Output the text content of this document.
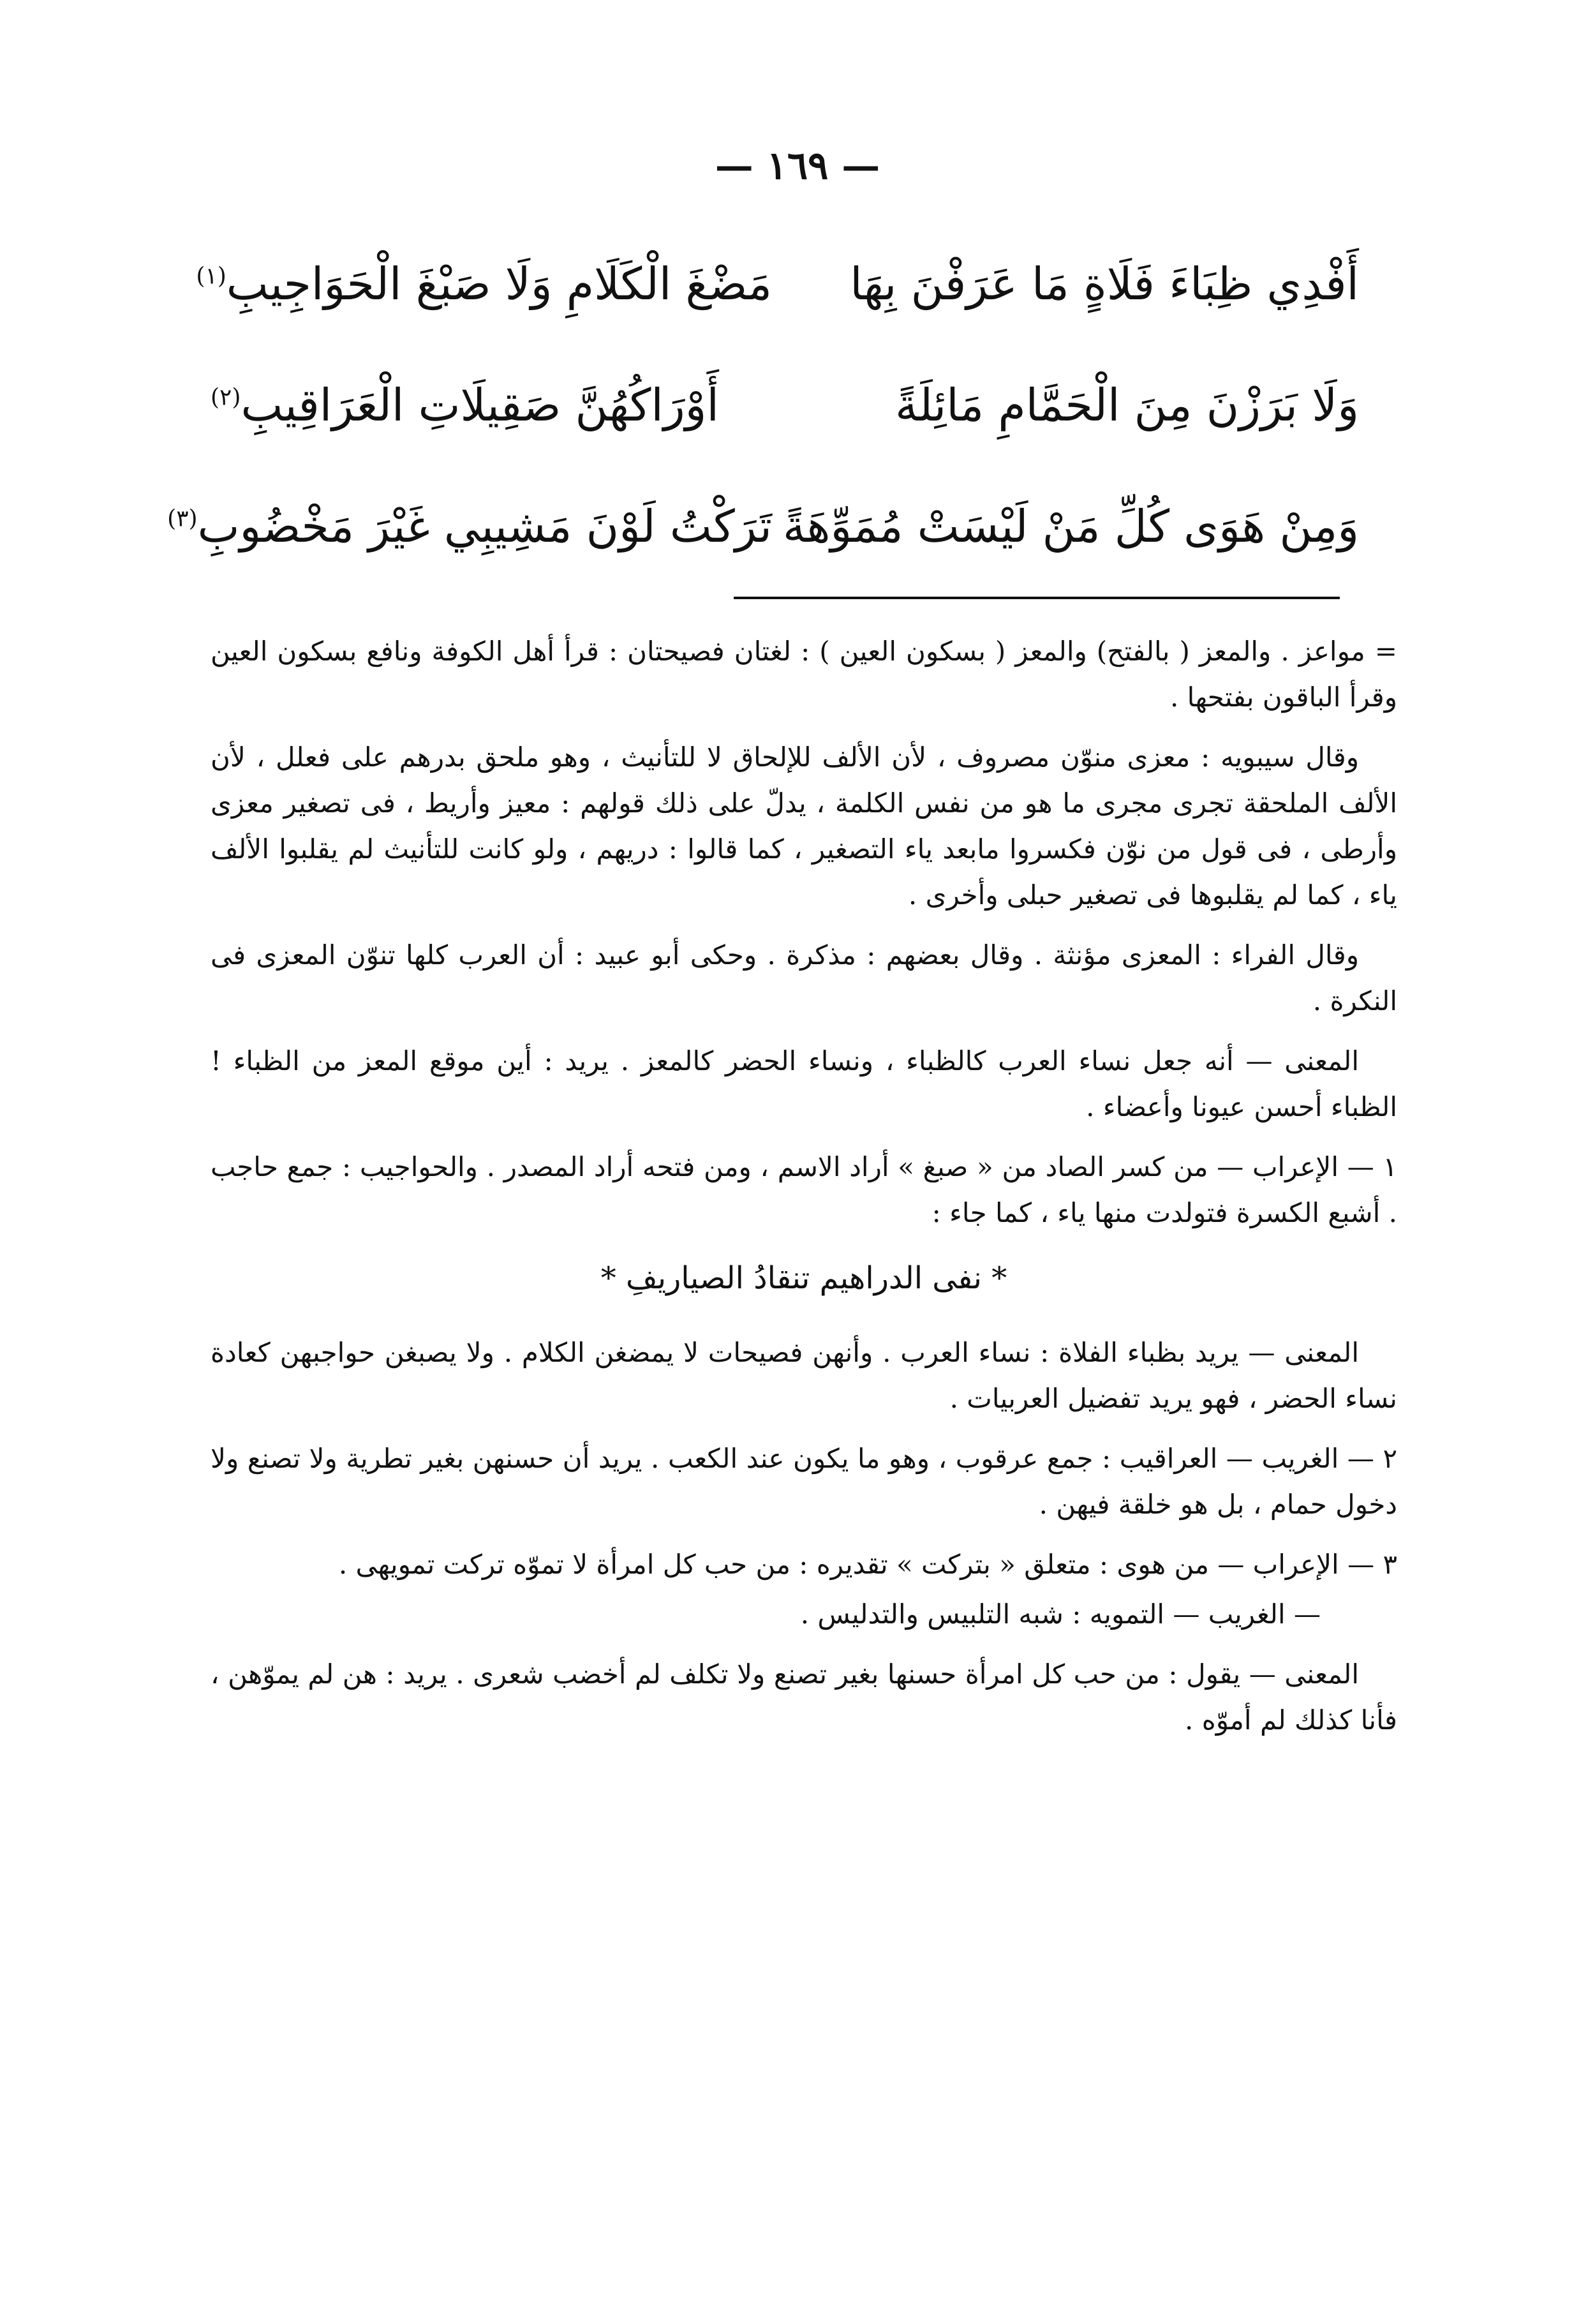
— ١٦٩ —
أَفْدِي ظِبَاءَ فَلَاةٍ مَا عَرَفْنَ بِهَا
مَضْغَ الْكَلَامِ وَلَا صَبْغَ الْحَوَاجِيبِ$^{(١)}$
وَلَا بَرَزْنَ مِنَ الْحَمَّامِ مَائِلَةً
أَوْرَاكُهُنَّ صَقِيلَاتِ الْعَرَاقِيبِ$^{(٢)}$
وَمِنْ هَوَى كُلِّ مَنْ لَيْسَتْ مُمَوِّهَةً
تَرَكْتُ لَوْنَ مَشِيبِي غَيْرَ مَخْضُوبِ$^{(٣)}$

= مواعز . والمعز ( بالفتح) والمعز ( بسكون العين ) : لغتان فصيحتان : قرأ أهل الكوفة ونافع بسكون العين وقرأ الباقون بفتحها .

وقال سيبويه : معزى منوّن مصروف ، لأن الألف للإلحاق لا للتأنيث ، وهو ملحق بدرهم على فعلل ، لأن الألف الملحقة تجرى مجرى ما هو من نفس الكلمة ، يدلّ على ذلك قولهم : معيز وأريط ، فى تصغير معزى وأرطى ، فى قول من نوّن فكسروا مابعد ياء التصغير ، كما قالوا : دريهم ، ولو كانت للتأنيث لم يقلبوا الألف ياء ، كما لم يقلبوها فى تصغير حبلى وأخرى .

وقال الفراء : المعزى مؤنثة . وقال بعضهم : مذكرة . وحكى أبو عبيد : أن العرب كلها تنوّن المعزى فى النكرة .

المعنى — أنه جعل نساء العرب كالظباء ، ونساء الحضر كالمعز . يريد : أين موقع المعز من الظباء ! الظباء أحسن عيونا وأعضاء .

١ — الإعراب — من كسر الصاد من « صبغ » أراد الاسم ، ومن فتحه أراد المصدر . والحواجيب : جمع حاجب . أشبع الكسرة فتولدت منها ياء ، كما جاء :

* نفى الدراهيم تنقادُ الصياريفِ *

المعنى — يريد بظباء الفلاة : نساء العرب . وأنهن فصيحات لا يمضغن الكلام . ولا يصبغن حواجبهن كعادة نساء الحضر ، فهو يريد تفضيل العربيات .

٢ — الغريب — العراقيب : جمع عرقوب ، وهو ما يكون عند الكعب . يريد أن حسنهن بغير تطرية ولا تصنع ولا دخول حمام ، بل هو خلقة فيهن .

٣ — الإعراب — من هوى : متعلق « بتركت » تقديره : من حب كل امرأة لا تموّه تركت تمويهى .

— الغريب — التمويه : شبه التلبيس والتدليس .

المعنى — يقول : من حب كل امرأة حسنها بغير تصنع ولا تكلف لم أخضب شعرى . يريد : هن لم يموّهن ، فأنا كذلك لم أموّه .
